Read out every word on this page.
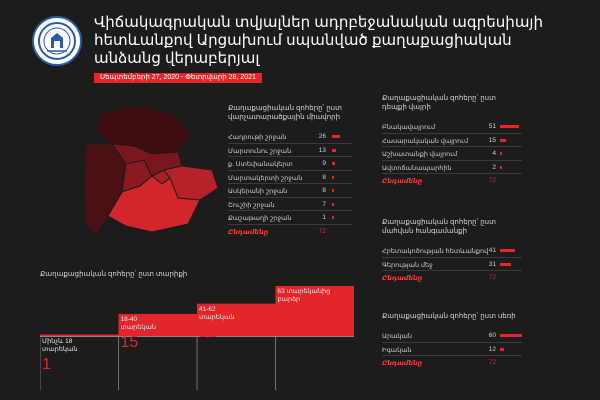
Վիճակագրական տվյալներ ադրբեջանական ագրեսիայի հետևանքով Արցախում սպանված քաղաքացիական անձանց վերաբերյալ
Սեպտեմբերի 27, 2020 - Փետրվարի 28, 2021
Քաղաքացիական զոհերը՝ ըստ վարչատարածքային միավորի
Հադրութի շրջան	26
Մարտունու շրջան	13
ք. Ստեփանակերտ	9
Մարտակերտի շրջան	8
Ասկերանի շրջան	8
Շուշիի շրջան	7
Քաշաթաղի շրջան	1
Ընդամենը	72
Քաղաքացիական զոհերը՝ ըստ դեպքի վայրի
Բնակավայրում	51
Հասարակական վայրում	15
Աշխատանքի վայրում	4
Ավտոճանապարհին	2
Ընդամենը	72
Քաղաքացիական զոհերը՝ ըստ մահվան հանգամանքի
Հրետակոծության հետևանքով 41
Գերության մեջ	31
Ընդամենը	72
Քաղաքացիական զոհերը՝ ըստ սեռի
Արական	60
Իգական	12
Ընդամենը	72
Քաղաքացիական զոհերը՝ ըստ տարիքի
Մինչև 18
տարեկան
1
18-40
տարեկան
15
41-62
տարեկան
22
63 տարեկանից
բարձր
34
